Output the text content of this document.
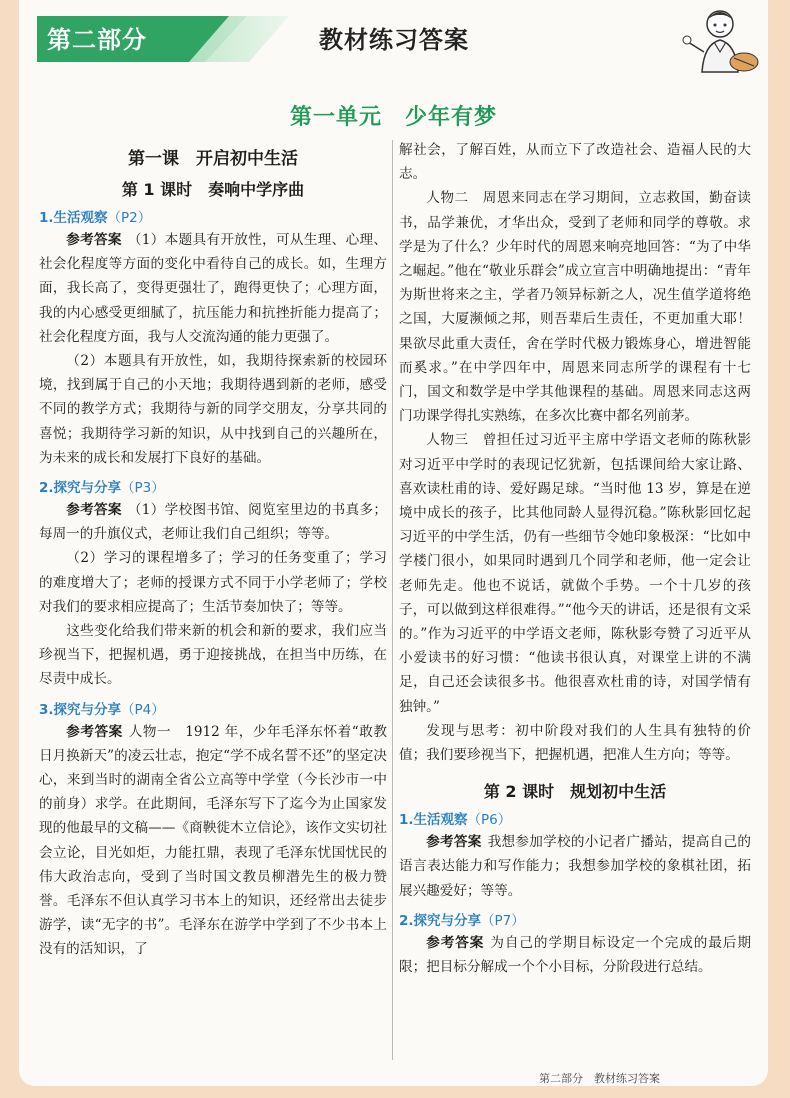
第二部分	教材练习答案
第一单元　少年有梦
第一课　开启初中生活
第 1 课时　奏响中学序曲
1.生活观察（P2）

参考答案 （1）本题具有开放性，可从生理、心理、社会化程度等方面的变化中看待自己的成长。如，生理方面，我长高了，变得更强壮了，跑得更快了；心理方面，我的内心感受更细腻了，抗压能力和抗挫折能力提高了；社会化程度方面，我与人交流沟通的能力更强了。

（2）本题具有开放性，如，我期待探索新的校园环境，找到属于自己的小天地；我期待遇到新的老师，感受不同的教学方式；我期待与新的同学交朋友，分享共同的喜悦；我期待学习新的知识，从中找到自己的兴趣所在，为未来的成长和发展打下良好的基础。

2.探究与分享（P3）

参考答案 （1）学校图书馆、阅览室里边的书真多；每周一的升旗仪式，老师让我们自己组织；等等。

（2）学习的课程增多了；学习的任务变重了；学习的难度增大了；老师的授课方式不同于小学老师了；学校对我们的要求相应提高了；生活节奏加快了；等等。

这些变化给我们带来新的机会和新的要求，我们应当珍视当下，把握机遇，勇于迎接挑战，在担当中历练，在尽责中成长。

3.探究与分享（P4）

参考答案 人物一　1912 年，少年毛泽东怀着“敢教日月换新天”的凌云壮志，抱定“学不成名誓不还”的坚定决心，来到当时的湖南全省公立高等中学堂（今长沙市一中的前身）求学。在此期间，毛泽东写下了迄今为止国家发现的他最早的文稿——《商鞅徙木立信论》，该作文实切社会立论，目光如炬，力能扛鼎，表现了毛泽东忧国忧民的伟大政治志向，受到了当时国文教员柳潜先生的极力赞誉。毛泽东不但认真学习书本上的知识，还经常出去徒步游学，读“无字的书”。毛泽东在游学中学到了不少书本上没有的活知识，了

解社会，了解百姓，从而立下了改造社会、造福人民的大志。

人物二　周恩来同志在学习期间，立志救国，勤奋读书，品学兼优，才华出众，受到了老师和同学的尊敬。求学是为了什么？少年时代的周恩来响亮地回答：“为了中华之崛起。”他在“敬业乐群会”成立宣言中明确地提出：“青年为斯世将来之主，学者乃领异标新之人，况生值学道将绝之国，大厦濒倾之邦，则吾辈后生责任，不更加重大耶！果欲尽此重大责任，舍在学时代极力锻炼身心，增进智能而奚求。”在中学四年中，周恩来同志所学的课程有十七门，国文和数学是中学其他课程的基础。周恩来同志这两门功课学得扎实熟练，在多次比赛中都名列前茅。

人物三　曾担任过习近平主席中学语文老师的陈秋影对习近平中学时的表现记忆犹新，包括课间给大家让路、喜欢读杜甫的诗、爱好踢足球。“当时他 13 岁，算是在逆境中成长的孩子，比其他同龄人显得沉稳。”陈秋影回忆起习近平的中学生活，仍有一些细节令她印象极深：“比如中学楼门很小，如果同时遇到几个同学和老师，他一定会让老师先走。他也不说话，就做个手势。一个十几岁的孩子，可以做到这样很难得。”“他今天的讲话，还是很有文采的。”作为习近平的中学语文老师，陈秋影夸赞了习近平从小爱读书的好习惯：“他读书很认真，对课堂上讲的不满足，自己还会读很多书。他很喜欢杜甫的诗，对国学情有独钟。”

发现与思考：初中阶段对我们的人生具有独特的价值；我们要珍视当下，把握机遇，把准人生方向；等等。

第 2 课时　规划初中生活
1.生活观察（P6）

参考答案 我想参加学校的小记者广播站，提高自己的语言表达能力和写作能力；我想参加学校的象棋社团，拓展兴趣爱好；等等。

2.探究与分享（P7）

参考答案 为自己的学期目标设定一个完成的最后期限；把目标分解成一个个小目标，分阶段进行总结。

第二部分　教材练习答案
